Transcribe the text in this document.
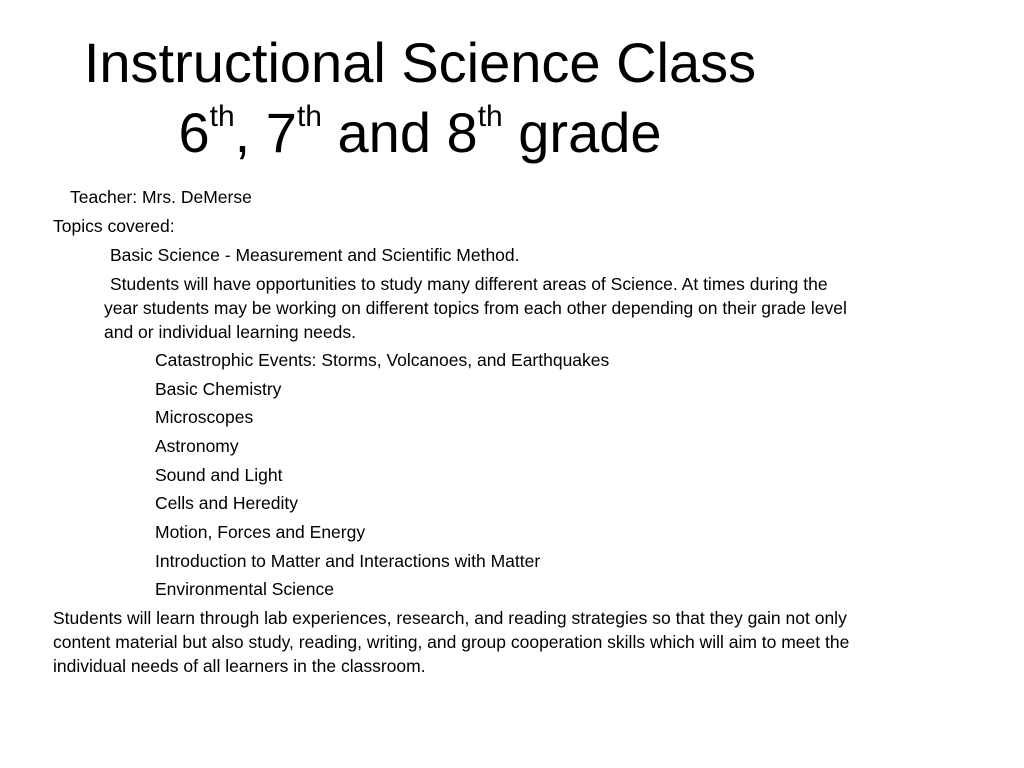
Instructional Science Class
6th, 7th and 8th grade

Teacher: Mrs. DeMerse

Topics covered:

Basic Science - Measurement and Scientific Method.

Students will have opportunities to study many different areas of Science. At times during the year students may be working on different topics from each other depending on their grade level and or individual learning needs.

Catastrophic Events: Storms, Volcanoes, and Earthquakes

Basic Chemistry

Microscopes

Astronomy

Sound and Light

Cells and Heredity

Motion, Forces and Energy

Introduction to Matter and Interactions with Matter

Environmental Science

Students will learn through lab experiences, research, and reading strategies so that they gain not only content material but also study, reading, writing, and group cooperation skills which will aim to meet the individual needs of all learners in the classroom.
